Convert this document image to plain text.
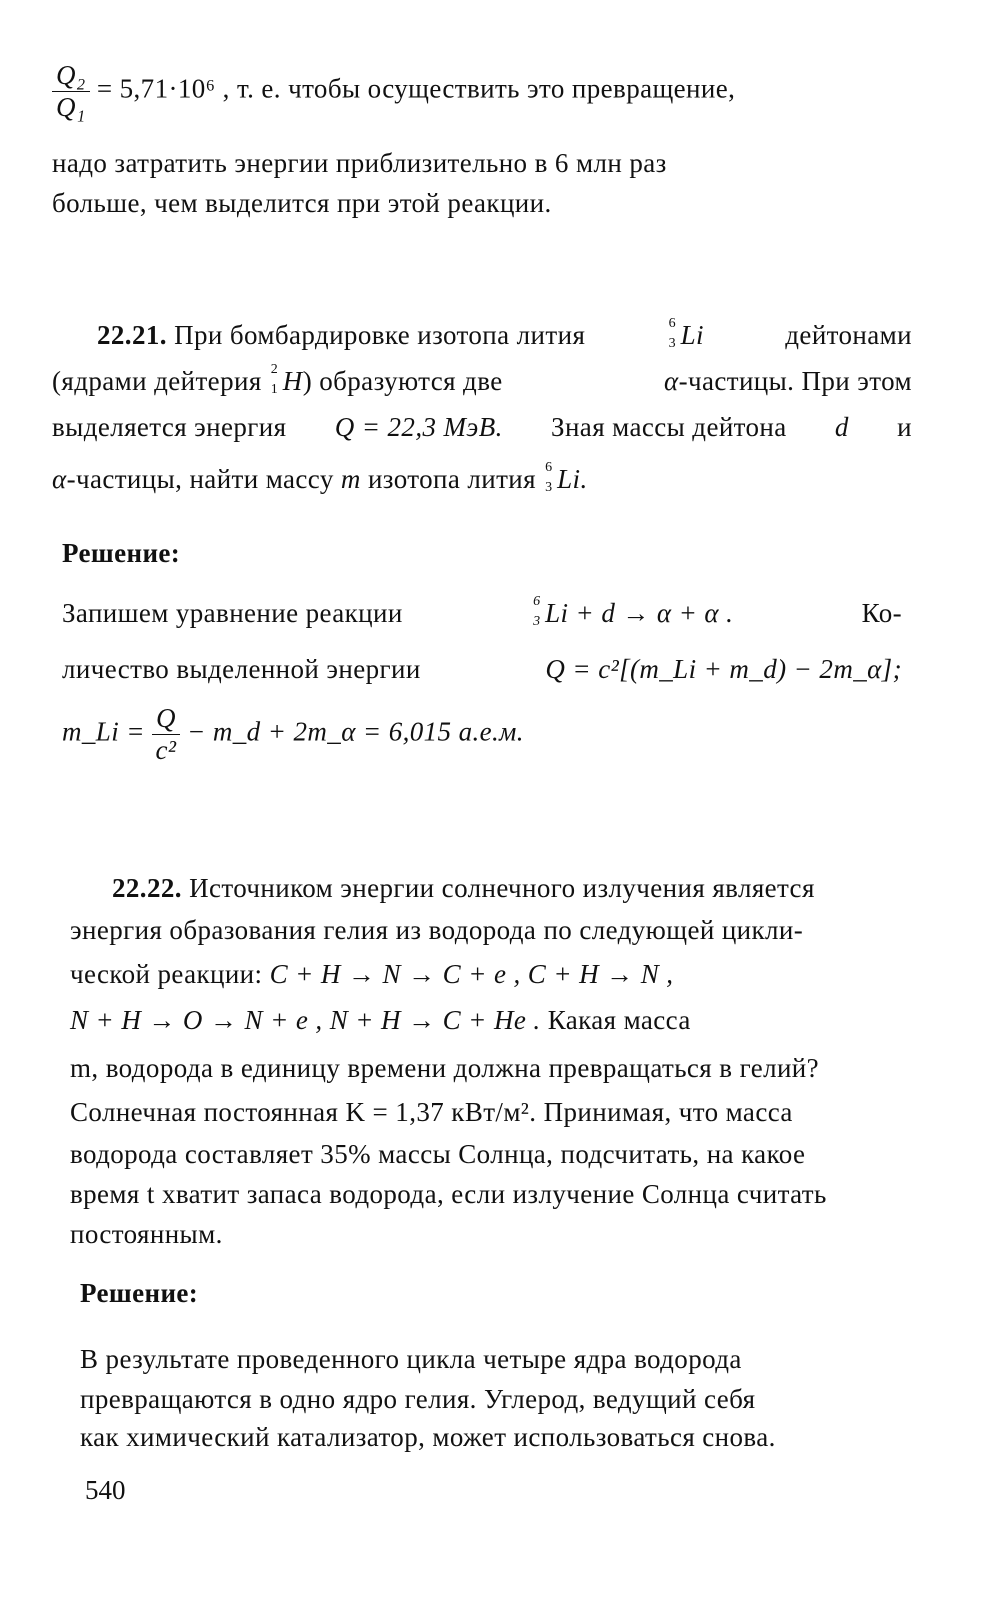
$\frac{\text{Q₂}}{\text{Q₁}} = 5,71\cdot 10^6$ , т. е. чтобы осуществить это превращение,
надо затратить энергии приблизительно в 6 млн раз
больше, чем выделится при этой реакции.
22.21. При бомбардировке изотопа лития	6
3 Li	дейтонами
(ядрами дейтерия 2
1 H) образуются две	α-частицы. При этом
выделяется энергия Q = 22,3 МэВ. Зная массы дейтона d и
α-частицы, найти массу m изотопа лития 6
3 Li.
Решение:
Запишем уравнение реакции	6
3 Li + d → α + α .	Ко-
личество выделенной энергии	Q = c²[(m_Li + m_d) − 2m_α];
m_Li = $\frac{Q}{\text{c²}}$ − m_d + 2m_α = 6,015 а.е.м.
22.22. Источником энергии солнечного излучения является
энергия образования гелия из водорода по следующей цикли-
ческой реакции: C + H → N → C + e , C + H → N ,
N + H → O → N + e , N + H → C + He . Какая масса
m, водорода в единицу времени должна превращаться в гелий?
Солнечная постоянная K = 1,37 кВт/м². Принимая, что масса
водорода составляет 35% массы Солнца, подсчитать, на какое
время t хватит запаса водорода, если излучение Солнца считать
постоянным.
Решение:
В результате проведенного цикла четыре ядра водорода
превращаются в одно ядро гелия. Углерод, ведущий себя
как химический катализатор, может использоваться снова.
540
